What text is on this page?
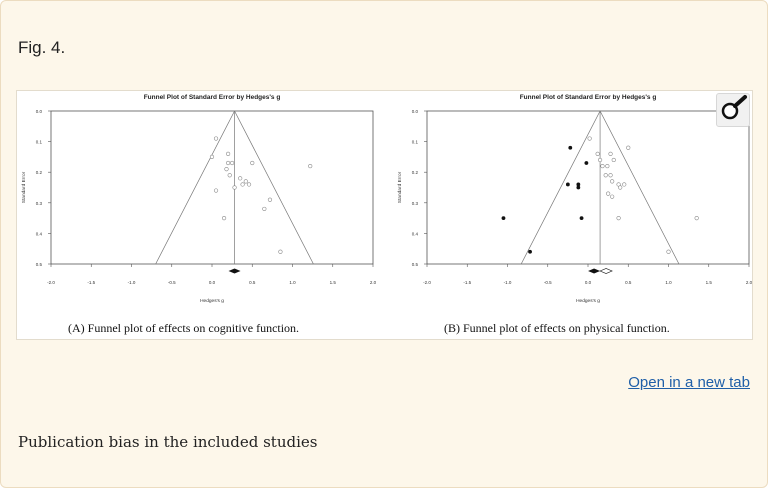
Fig. 4.
Funnel Plot of Standard Error by Hedges's g
0.0
0.1
0.2
0.3
0.4
0.5
-2.0	-1.5	-1.0	-0.5	0.0	0.5	1.0	1.5	2.0
Hedges's g
Standard Error
(A) Funnel plot of effects on cognitive function.
Funnel Plot of Standard Error by Hedges's g
0.0
0.1
0.2
0.3
0.4
0.5
-2.0	-1.5	-1.0	-0.5	0.0	0.5	1.0	1.5	2.0
Hedges's g
Standard Error
(B) Funnel plot of effects on physical function.
Open in a new tab
Publication bias in the included studies
